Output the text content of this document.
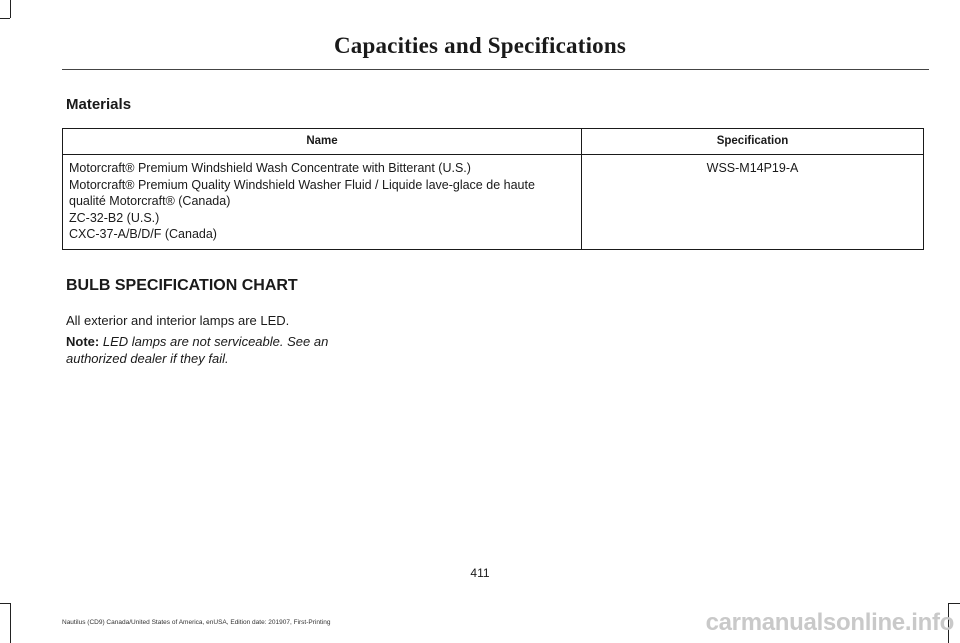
Capacities and Specifications
Materials
Name	Specification

Motorcraft® Premium Windshield Wash Concentrate with Bitterant (U.S.)
Motorcraft® Premium Quality Windshield Washer Fluid / Liquide lave-glace de haute
qualité Motorcraft® (Canada)
ZC-32-B2 (U.S.)
CXC-37-A/B/D/F (Canada)	WSS-M14P19-A
BULB SPECIFICATION CHART
All exterior and interior lamps are LED.
Note: LED lamps are not serviceable. See an authorized dealer if they fail.
411
Nautilus (CD9) Canada/United States of America, enUSA, Edition date: 201907, First-Printing	carmanualsonline.info
